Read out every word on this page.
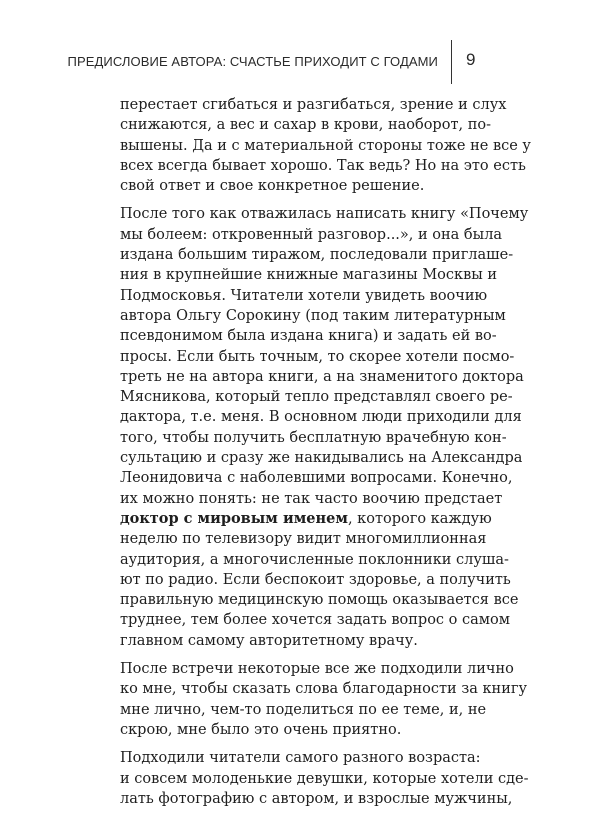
ПРЕДИСЛОВИЕ АВТОРА: СЧАСТЬЕ ПРИХОДИТ С ГОДАМИ 9

перестает сгибаться и разгибаться, зрение и слух
снижаются, а вес и сахар в крови, наоборот, по-
вышены. Да и с материальной стороны тоже не все у
всех всегда бывает хорошо. Так ведь? Но на это есть
свой ответ и свое конкретное решение.

После того как отважилась написать книгу «Почему
мы болеем: откровенный разговор...», и она была
издана большим тиражом, последовали приглаше-
ния в крупнейшие книжные магазины Москвы и
Подмосковья. Читатели хотели увидеть воочию
автора Ольгу Сорокину (под таким литературным
псевдонимом была издана книга) и задать ей во-
просы. Если быть точным, то скорее хотели посмо-
треть не на автора книги, а на знаменитого доктора
Мясникова, который тепло представлял своего ре-
дактора, т.е. меня. В основном люди приходили для
того, чтобы получить бесплатную врачебную кон-
сультацию и сразу же накидывались на Александра
Леонидовича с наболевшими вопросами. Конечно,
их можно понять: не так часто воочию предстает
доктор с мировым именем, которого каждую
неделю по телевизору видит многомиллионная
аудитория, а многочисленные поклонники слуша-
ют по радио. Если беспокоит здоровье, а получить
правильную медицинскую помощь оказывается все
труднее, тем более хочется задать вопрос о самом
главном самому авторитетному врачу.

После встречи некоторые все же подходили лично
ко мне, чтобы сказать слова благодарности за книгу
мне лично, чем-то поделиться по ее теме, и, не
скрою, мне было это очень приятно.

Подходили читатели самого разного возраста:
и совсем молоденькие девушки, которые хотели сде-
лать фотографию с автором, и взрослые мужчины,
